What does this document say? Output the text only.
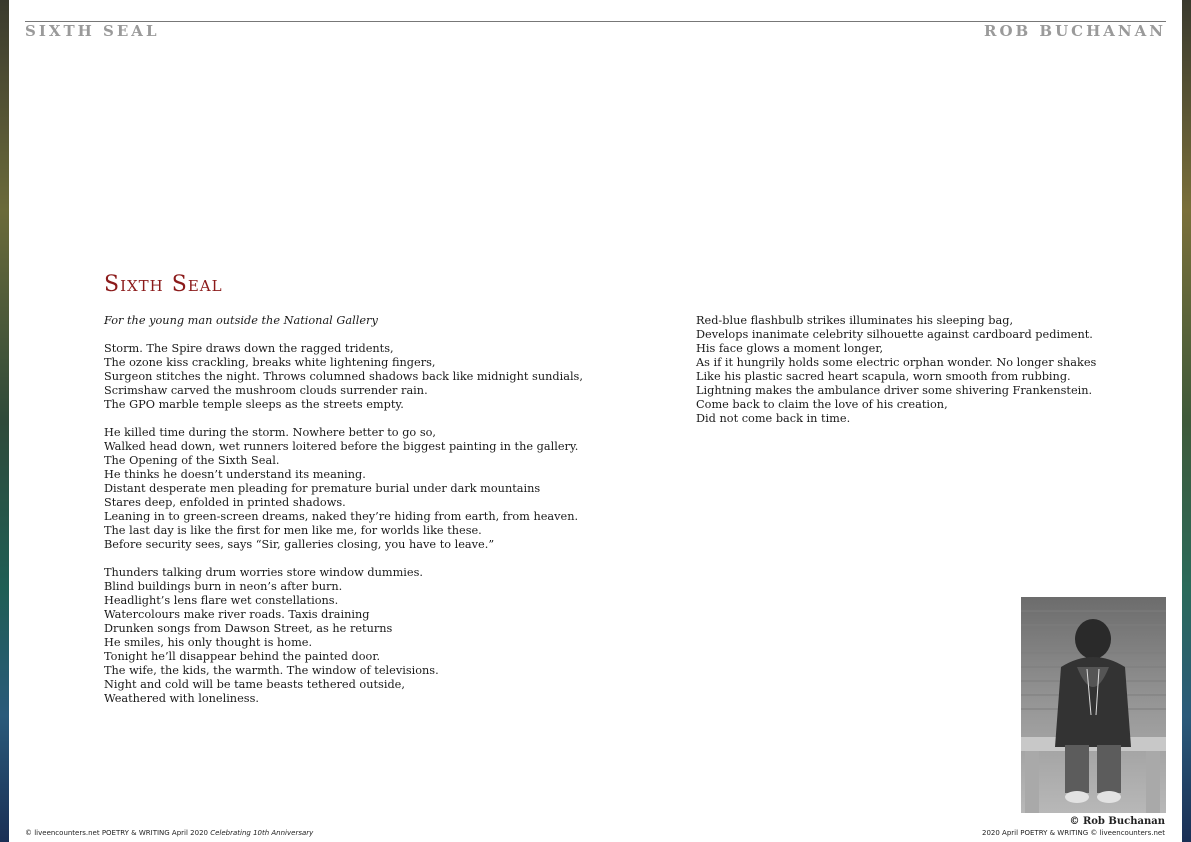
SIXTH SEAL	ROB BUCHANAN
Sixth Seal
For the young man outside the National Gallery
Storm. The Spire draws down the ragged tridents,
The ozone kiss crackling, breaks white lightening fingers,
Surgeon stitches the night. Throws columned shadows back like midnight sundials,
Scrimshaw carved the mushroom clouds surrender rain.
The GPO marble temple sleeps as the streets empty.
He killed time during the storm. Nowhere better to go so,
Walked head down, wet runners loitered before the biggest painting in the gallery.
The Opening of the Sixth Seal.
He thinks he doesn’t understand its meaning.
Distant desperate men pleading for premature burial under dark mountains
Stares deep, enfolded in printed shadows.
Leaning in to green-screen dreams, naked they’re hiding from earth, from heaven.
The last day is like the first for men like me, for worlds like these.
Before security sees, says “Sir, galleries closing, you have to leave.”
Thunders talking drum worries store window dummies.
Blind buildings burn in neon’s after burn.
Headlight’s lens flare wet constellations.
Watercolours make river roads. Taxis draining
Drunken songs from Dawson Street, as he returns
He smiles, his only thought is home.
Tonight he’ll disappear behind the painted door.
The wife, the kids, the warmth. The window of televisions.
Night and cold will be tame beasts tethered outside,
Weathered with loneliness.
Red-blue flashbulb strikes illuminates his sleeping bag,
Develops inanimate celebrity silhouette against cardboard pediment.
His face glows a moment longer,
As if it hungrily holds some electric orphan wonder. No longer shakes
Like his plastic sacred heart scapula, worn smooth from rubbing.
Lightning makes the ambulance driver some shivering Frankenstein.
Come back to claim the love of his creation,
Did not come back in time.
© Rob Buchanan
© liveencounters.net POETRY & WRITING April 2020 Celebrating 10th Anniversary	2020 April POETRY & WRITING © liveencounters.net
